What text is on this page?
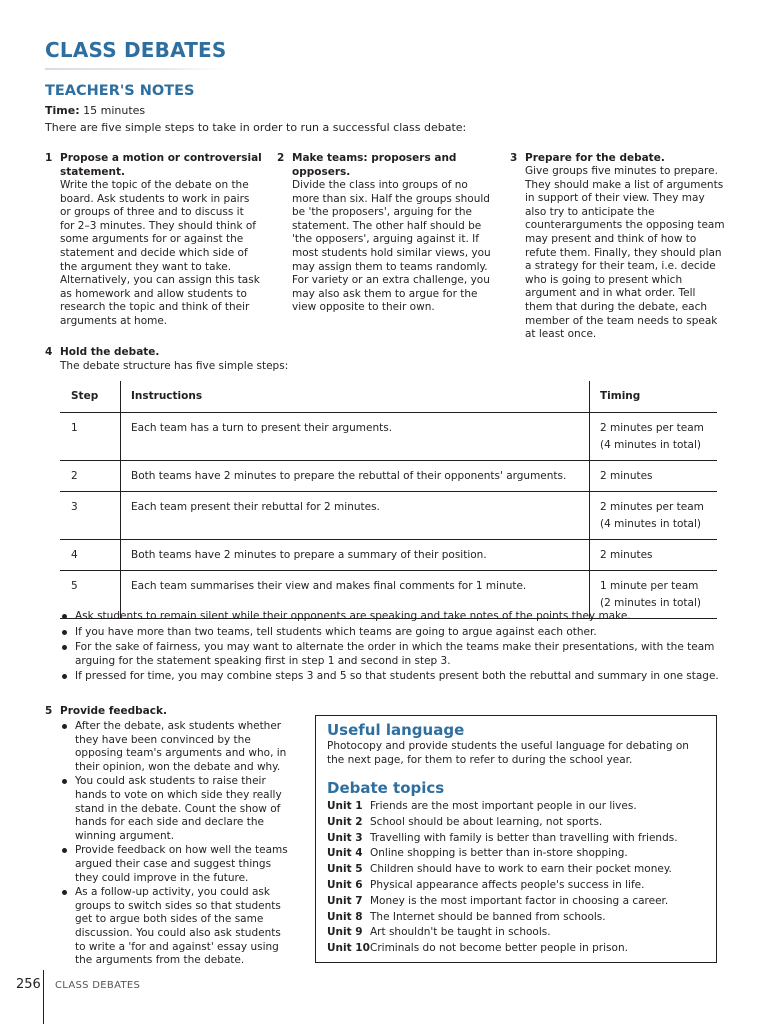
CLASS DEBATES
TEACHER'S NOTES
Time: 15 minutes
There are five simple steps to take in order to run a successful class debate:
1 Propose a motion or controversial statement.
Write the topic of the debate on the board. Ask students to work in pairs or groups of three and to discuss it for 2–3 minutes. They should think of some arguments for or against the statement and decide which side of the argument they want to take. Alternatively, you can assign this task as homework and allow students to research the topic and think of their arguments at home.
2 Make teams: proposers and opposers.
Divide the class into groups of no more than six. Half the groups should be 'the proposers', arguing for the statement. The other half should be 'the opposers', arguing against it. If most students hold similar views, you may assign them to teams randomly. For variety or an extra challenge, you may also ask them to argue for the view opposite to their own.
3 Prepare for the debate.
Give groups five minutes to prepare. They should make a list of arguments in support of their view. They may also try to anticipate the counterarguments the opposing team may present and think of how to refute them. Finally, they should plan a strategy for their team, i.e. decide who is going to present which argument and in what order. Tell them that during the debate, each member of the team needs to speak at least once.
4 Hold the debate.
The debate structure has five simple steps:
Step	Instructions	Timing
1	Each team has a turn to present their arguments.	2 minutes per team
(4 minutes in total)

2	Both teams have 2 minutes to prepare the rebuttal of their opponents' arguments.	2 minutes

3	Each team present their rebuttal for 2 minutes.	2 minutes per team
(4 minutes in total)

4	Both teams have 2 minutes to prepare a summary of their position.	2 minutes

5	Each team summarises their view and makes final comments for 1 minute.	1 minute per team
(2 minutes in total)
Ask students to remain silent while their opponents are speaking and take notes of the points they make.
If you have more than two teams, tell students which teams are going to argue against each other.
For the sake of fairness, you may want to alternate the order in which the teams make their presentations, with the team arguing for the statement speaking first in step 1 and second in step 3.
If pressed for time, you may combine steps 3 and 5 so that students present both the rebuttal and summary in one stage.
5 Provide feedback.
After the debate, ask students whether they have been convinced by the opposing team's arguments and who, in their opinion, won the debate and why.
You could ask students to raise their hands to vote on which side they really stand in the debate. Count the show of hands for each side and declare the winning argument.
Provide feedback on how well the teams argued their case and suggest things they could improve in the future.
As a follow-up activity, you could ask groups to switch sides so that students get to argue both sides of the same discussion. You could also ask students to write a 'for and against' essay using the arguments from the debate.
Useful language
Photocopy and provide students the useful language for debating on the next page, for them to refer to during the school year.
Debate topics
Unit 1 Friends are the most important people in our lives.
Unit 2 School should be about learning, not sports.
Unit 3 Travelling with family is better than travelling with friends.
Unit 4 Online shopping is better than in-store shopping.
Unit 5 Children should have to work to earn their pocket money.
Unit 6 Physical appearance affects people's success in life.
Unit 7 Money is the most important factor in choosing a career.
Unit 8 The Internet should be banned from schools.
Unit 9 Art shouldn't be taught in schools.
Unit 10 Criminals do not become better people in prison.
256 CLASS DEBATES
